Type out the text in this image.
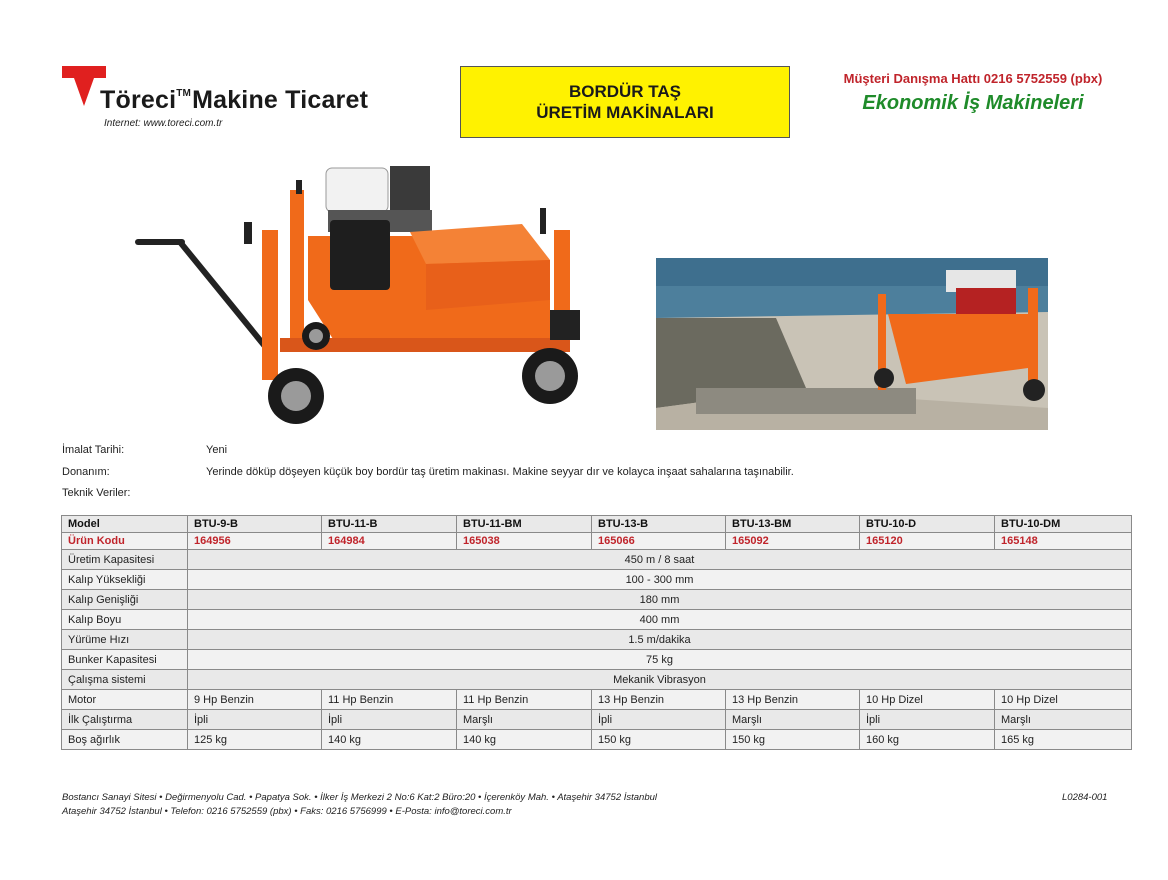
Töreci™Makine Ticaret
Internet: www.toreci.com.tr
BORDÜR TAŞ
ÜRETİM MAKİNALARI
Müşteri Danışma Hattı 0216 5752559 (pbx)
Ekonomik İş Makineleri
İmalat Tarihi:	Yeni
Donanım:	Yerinde döküp döşeyen küçük boy bordür taş üretim makinası. Makine seyyar dır ve kolayca inşaat sahalarına taşınabilir.
Teknik Veriler:
Model	BTU-9-B	BTU-11-B	BTU-11-BM	BTU-13-B	BTU-13-BM	BTU-10-D	BTU-10-DM
Ürün Kodu	164956	164984	165038	165066	165092	165120	165148
Üretim Kapasitesi	450 m / 8 saat						
Kalıp Yüksekliği	100 - 300 mm						
Kalıp Genişliği	180 mm						
Kalıp Boyu	400 mm						
Yürüme Hızı	1.5 m/dakika						
Bunker Kapasitesi	75 kg						
Çalışma sistemi	Mekanik Vibrasyon						
Motor	9 Hp Benzin	11 Hp Benzin	11 Hp Benzin	13 Hp Benzin	13 Hp Benzin	10 Hp Dizel	10 Hp Dizel
İlk Çalıştırma	İpli	İpli	Marşlı	İpli	Marşlı	İpli	Marşlı
Boş ağırlık	125 kg	140 kg	140 kg	150 kg	150 kg	160 kg	165 kg
Bostancı Sanayi Sitesi • Değirmenyolu Cad. • Papatya Sok. • İlker İş Merkezi 2 No:6 Kat:2 Büro:20 • İçerenköy Mah. • Ataşehir 34752 İstanbul
Ataşehir 34752 İstanbul • Telefon: 0216 5752559 (pbx) • Faks: 0216 5756999 • E-Posta: info@toreci.com.tr
L0284-001
